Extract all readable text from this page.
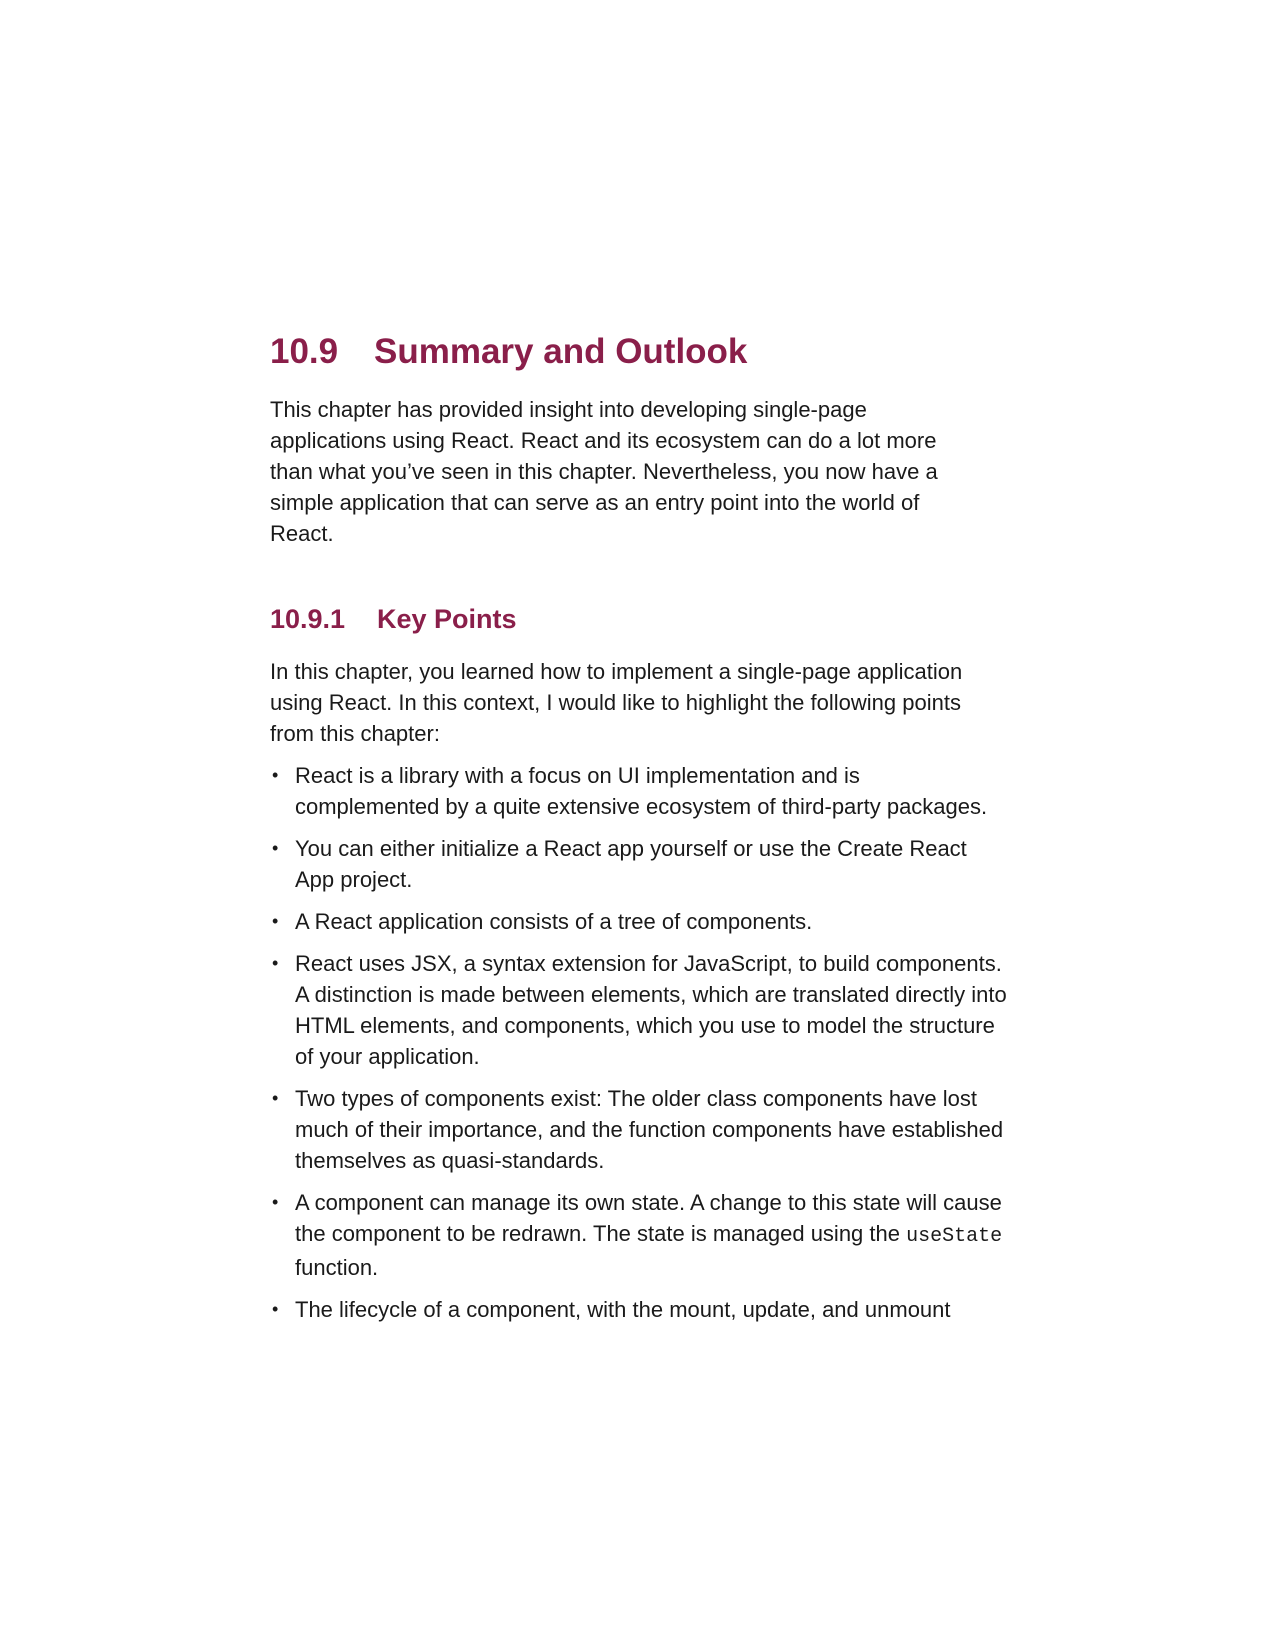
10.9 Summary and Outlook

This chapter has provided insight into developing single-page applications using React. React and its ecosystem can do a lot more than what you’ve seen in this chapter. Nevertheless, you now have a simple application that can serve as an entry point into the world of React.

10.9.1 Key Points

In this chapter, you learned how to implement a single-page application using React. In this context, I would like to highlight the following points from this chapter:

• React is a library with a focus on UI implementation and is complemented by a quite extensive ecosystem of third-party packages.
• You can either initialize a React app yourself or use the Create React App project.
• A React application consists of a tree of components.
• React uses JSX, a syntax extension for JavaScript, to build components. A distinction is made between elements, which are translated directly into HTML elements, and components, which you use to model the structure of your application.
• Two types of components exist: The older class components have lost much of their importance, and the function components have established themselves as quasi-standards.
• A component can manage its own state. A change to this state will cause the component to be redrawn. The state is managed using the useState function.
• The lifecycle of a component, with the mount, update, and unmount
